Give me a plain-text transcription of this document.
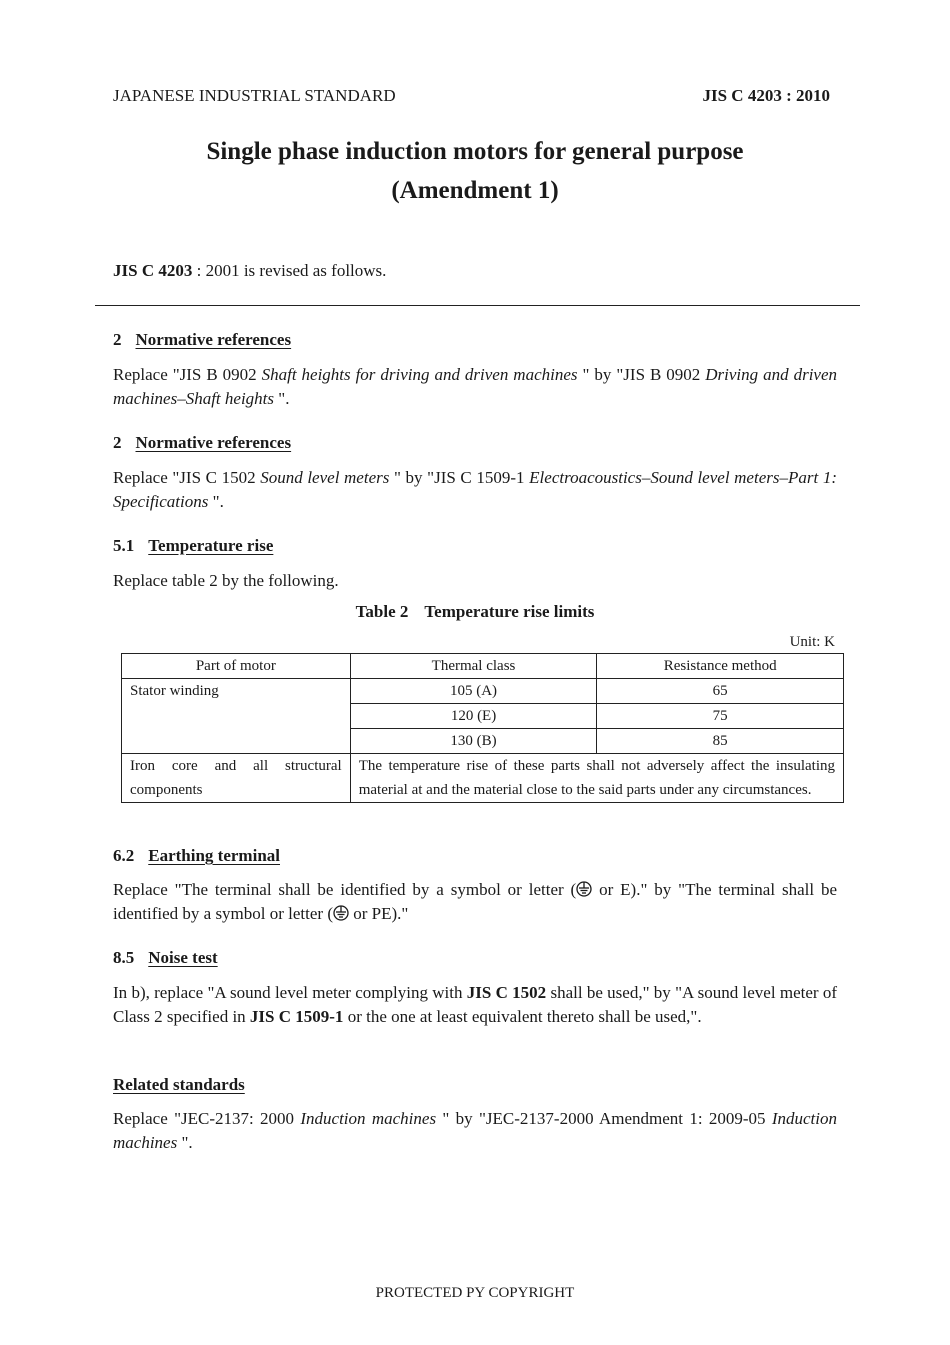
JAPANESE INDUSTRIAL STANDARD	JIS C 4203 : 2010
Single phase induction motors for general purpose
(Amendment 1)
JIS C 4203 : 2001 is revised as follows.
2 Normative references
Replace "JIS B 0902 Shaft heights for driving and driven machines " by "JIS B 0902 Driving and driven machines–Shaft heights ".
2 Normative references
Replace "JIS C 1502 Sound level meters " by "JIS C 1509-1 Electroacoustics–Sound level meters–Part 1: Specifications ".
5.1 Temperature rise
Replace table 2 by the following.
Table 2 Temperature rise limits
Unit: K
Part of motor	Thermal class	Resistance method
Stator winding	105 (A)	65
	120 (E)	75
	130 (B)	85
Iron core and all structural components	The temperature rise of these parts shall not adversely affect the insulating material at and the material close to the said parts under any circumstances.	
6.2 Earthing terminal
Replace "The terminal shall be identified by a symbol or letter ( or E)." by "The terminal shall be identified by a symbol or letter ( or PE)."
8.5 Noise test
In b), replace "A sound level meter complying with JIS C 1502 shall be used," by "A sound level meter of Class 2 specified in JIS C 1509-1 or the one at least equivalent thereto shall be used,".
Related standards
Replace "JEC-2137: 2000 Induction machines " by "JEC-2137-2000 Amendment 1: 2009-05 Induction machines ".
PROTECTED PY COPYRIGHT
